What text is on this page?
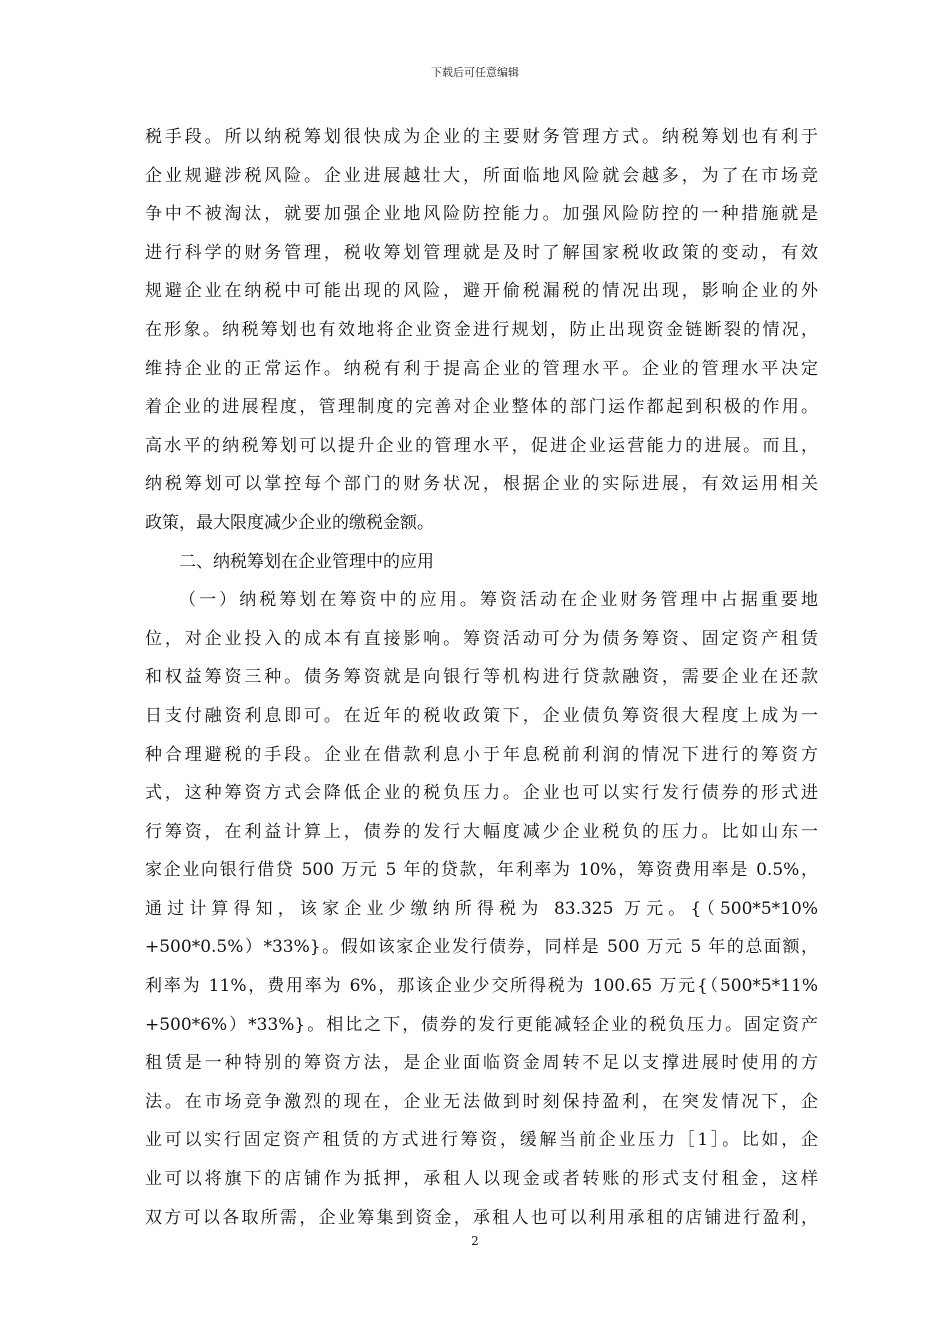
下载后可任意编辑
税手段。所以纳税筹划很快成为企业的主要财务管理方式。纳税筹划也有利于
企业规避涉税风险。企业进展越壮大，所面临地风险就会越多，为了在市场竞
争中不被淘汰，就要加强企业地风险防控能力。加强风险防控的一种措施就是
进行科学的财务管理，税收筹划管理就是及时了解国家税收政策的变动，有效
规避企业在纳税中可能出现的风险，避开偷税漏税的情况出现，影响企业的外
在形象。纳税筹划也有效地将企业资金进行规划，防止出现资金链断裂的情况，
维持企业的正常运作。纳税有利于提高企业的管理水平。企业的管理水平决定
着企业的进展程度，管理制度的完善对企业整体的部门运作都起到积极的作用。
高水平的纳税筹划可以提升企业的管理水平，促进企业运营能力的进展。而且，
纳税筹划可以掌控每个部门的财务状况，根据企业的实际进展，有效运用相关
政策，最大限度减少企业的缴税金额。
二、纳税筹划在企业管理中的应用
（一）纳税筹划在筹资中的应用。筹资活动在企业财务管理中占据重要地
位，对企业投入的成本有直接影响。筹资活动可分为债务筹资、固定资产租赁
和权益筹资三种。债务筹资就是向银行等机构进行贷款融资，需要企业在还款
日支付融资利息即可。在近年的税收政策下，企业债负筹资很大程度上成为一
种合理避税的手段。企业在借款利息小于年息税前利润的情况下进行的筹资方
式，这种筹资方式会降低企业的税负压力。企业也可以实行发行债券的形式进
行筹资，在利益计算上，债券的发行大幅度减少企业税负的压力。比如山东一
家企业向银行借贷 500 万元 5 年的贷款，年利率为 10%，筹资费用率是 0.5%，
通过计算得知，该家企业少缴纳所得税为 83.325 万元。{（500*5*10%
+500*0.5%）*33%}。假如该家企业发行债券，同样是 500 万元 5 年的总面额，
利率为 11%，费用率为 6%，那该企业少交所得税为 100.65 万元{（500*5*11%
+500*6%）*33%}。相比之下，债券的发行更能减轻企业的税负压力。固定资产
租赁是一种特别的筹资方法，是企业面临资金周转不足以支撑进展时使用的方
法。在市场竞争激烈的现在，企业无法做到时刻保持盈利，在突发情况下，企
业可以实行固定资产租赁的方式进行筹资，缓解当前企业压力［1］。比如，企
业可以将旗下的店铺作为抵押，承租人以现金或者转账的形式支付租金，这样
双方可以各取所需，企业筹集到资金，承租人也可以利用承租的店铺进行盈利，
2
